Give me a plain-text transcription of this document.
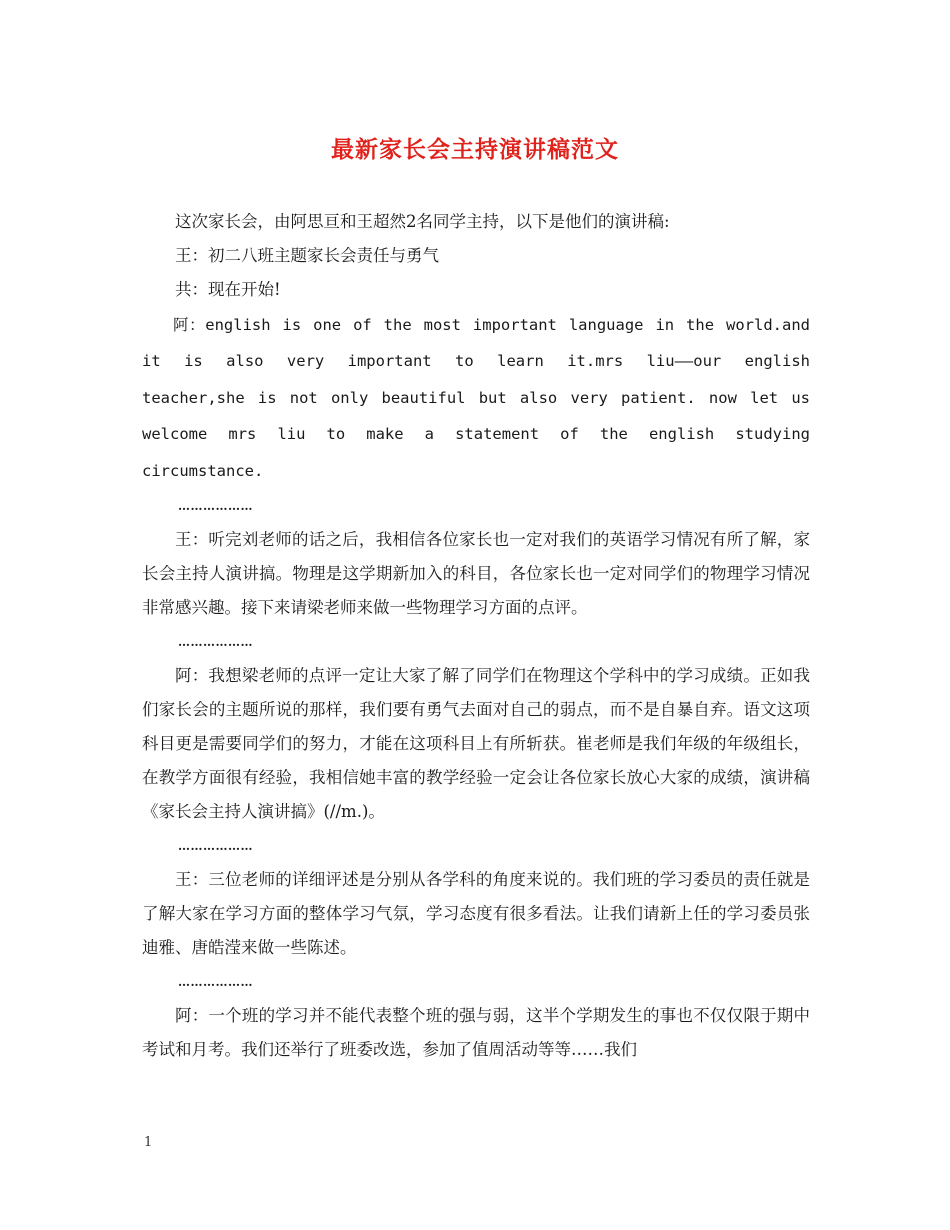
最新家长会主持演讲稿范文

这次家长会，由阿思亘和王超然2名同学主持，以下是他们的演讲稿:

王：初二八班主题家长会责任与勇气

共：现在开始!

阿：english is one of the most important language in the world.and it is also very important to learn it.mrs liu——our english teacher,she is not only beautiful but also very patient. now let us welcome mrs liu to make a statement of the english studying circumstance.

………………

王：听完刘老师的话之后，我相信各位家长也一定对我们的英语学习情况有所了解，家长会主持人演讲搞。物理是这学期新加入的科目，各位家长也一定对同学们的物理学习情况非常感兴趣。接下来请梁老师来做一些物理学习方面的点评。

………………

阿：我想梁老师的点评一定让大家了解了同学们在物理这个学科中的学习成绩。正如我们家长会的主题所说的那样，我们要有勇气去面对自己的弱点，而不是自暴自弃。语文这项科目更是需要同学们的努力，才能在这项科目上有所斩获。崔老师是我们年级的年级组长，在教学方面很有经验，我相信她丰富的教学经验一定会让各位家长放心大家的成绩，演讲稿《家长会主持人演讲搞》(//m.)。

………………

王：三位老师的详细评述是分别从各学科的角度来说的。我们班的学习委员的责任就是了解大家在学习方面的整体学习气氛，学习态度有很多看法。让我们请新上任的学习委员张迪雅、唐皓滢来做一些陈述。

………………

阿：一个班的学习并不能代表整个班的强与弱，这半个学期发生的事也不仅仅限于期中考试和月考。我们还举行了班委改选，参加了值周活动等等……我们

1
